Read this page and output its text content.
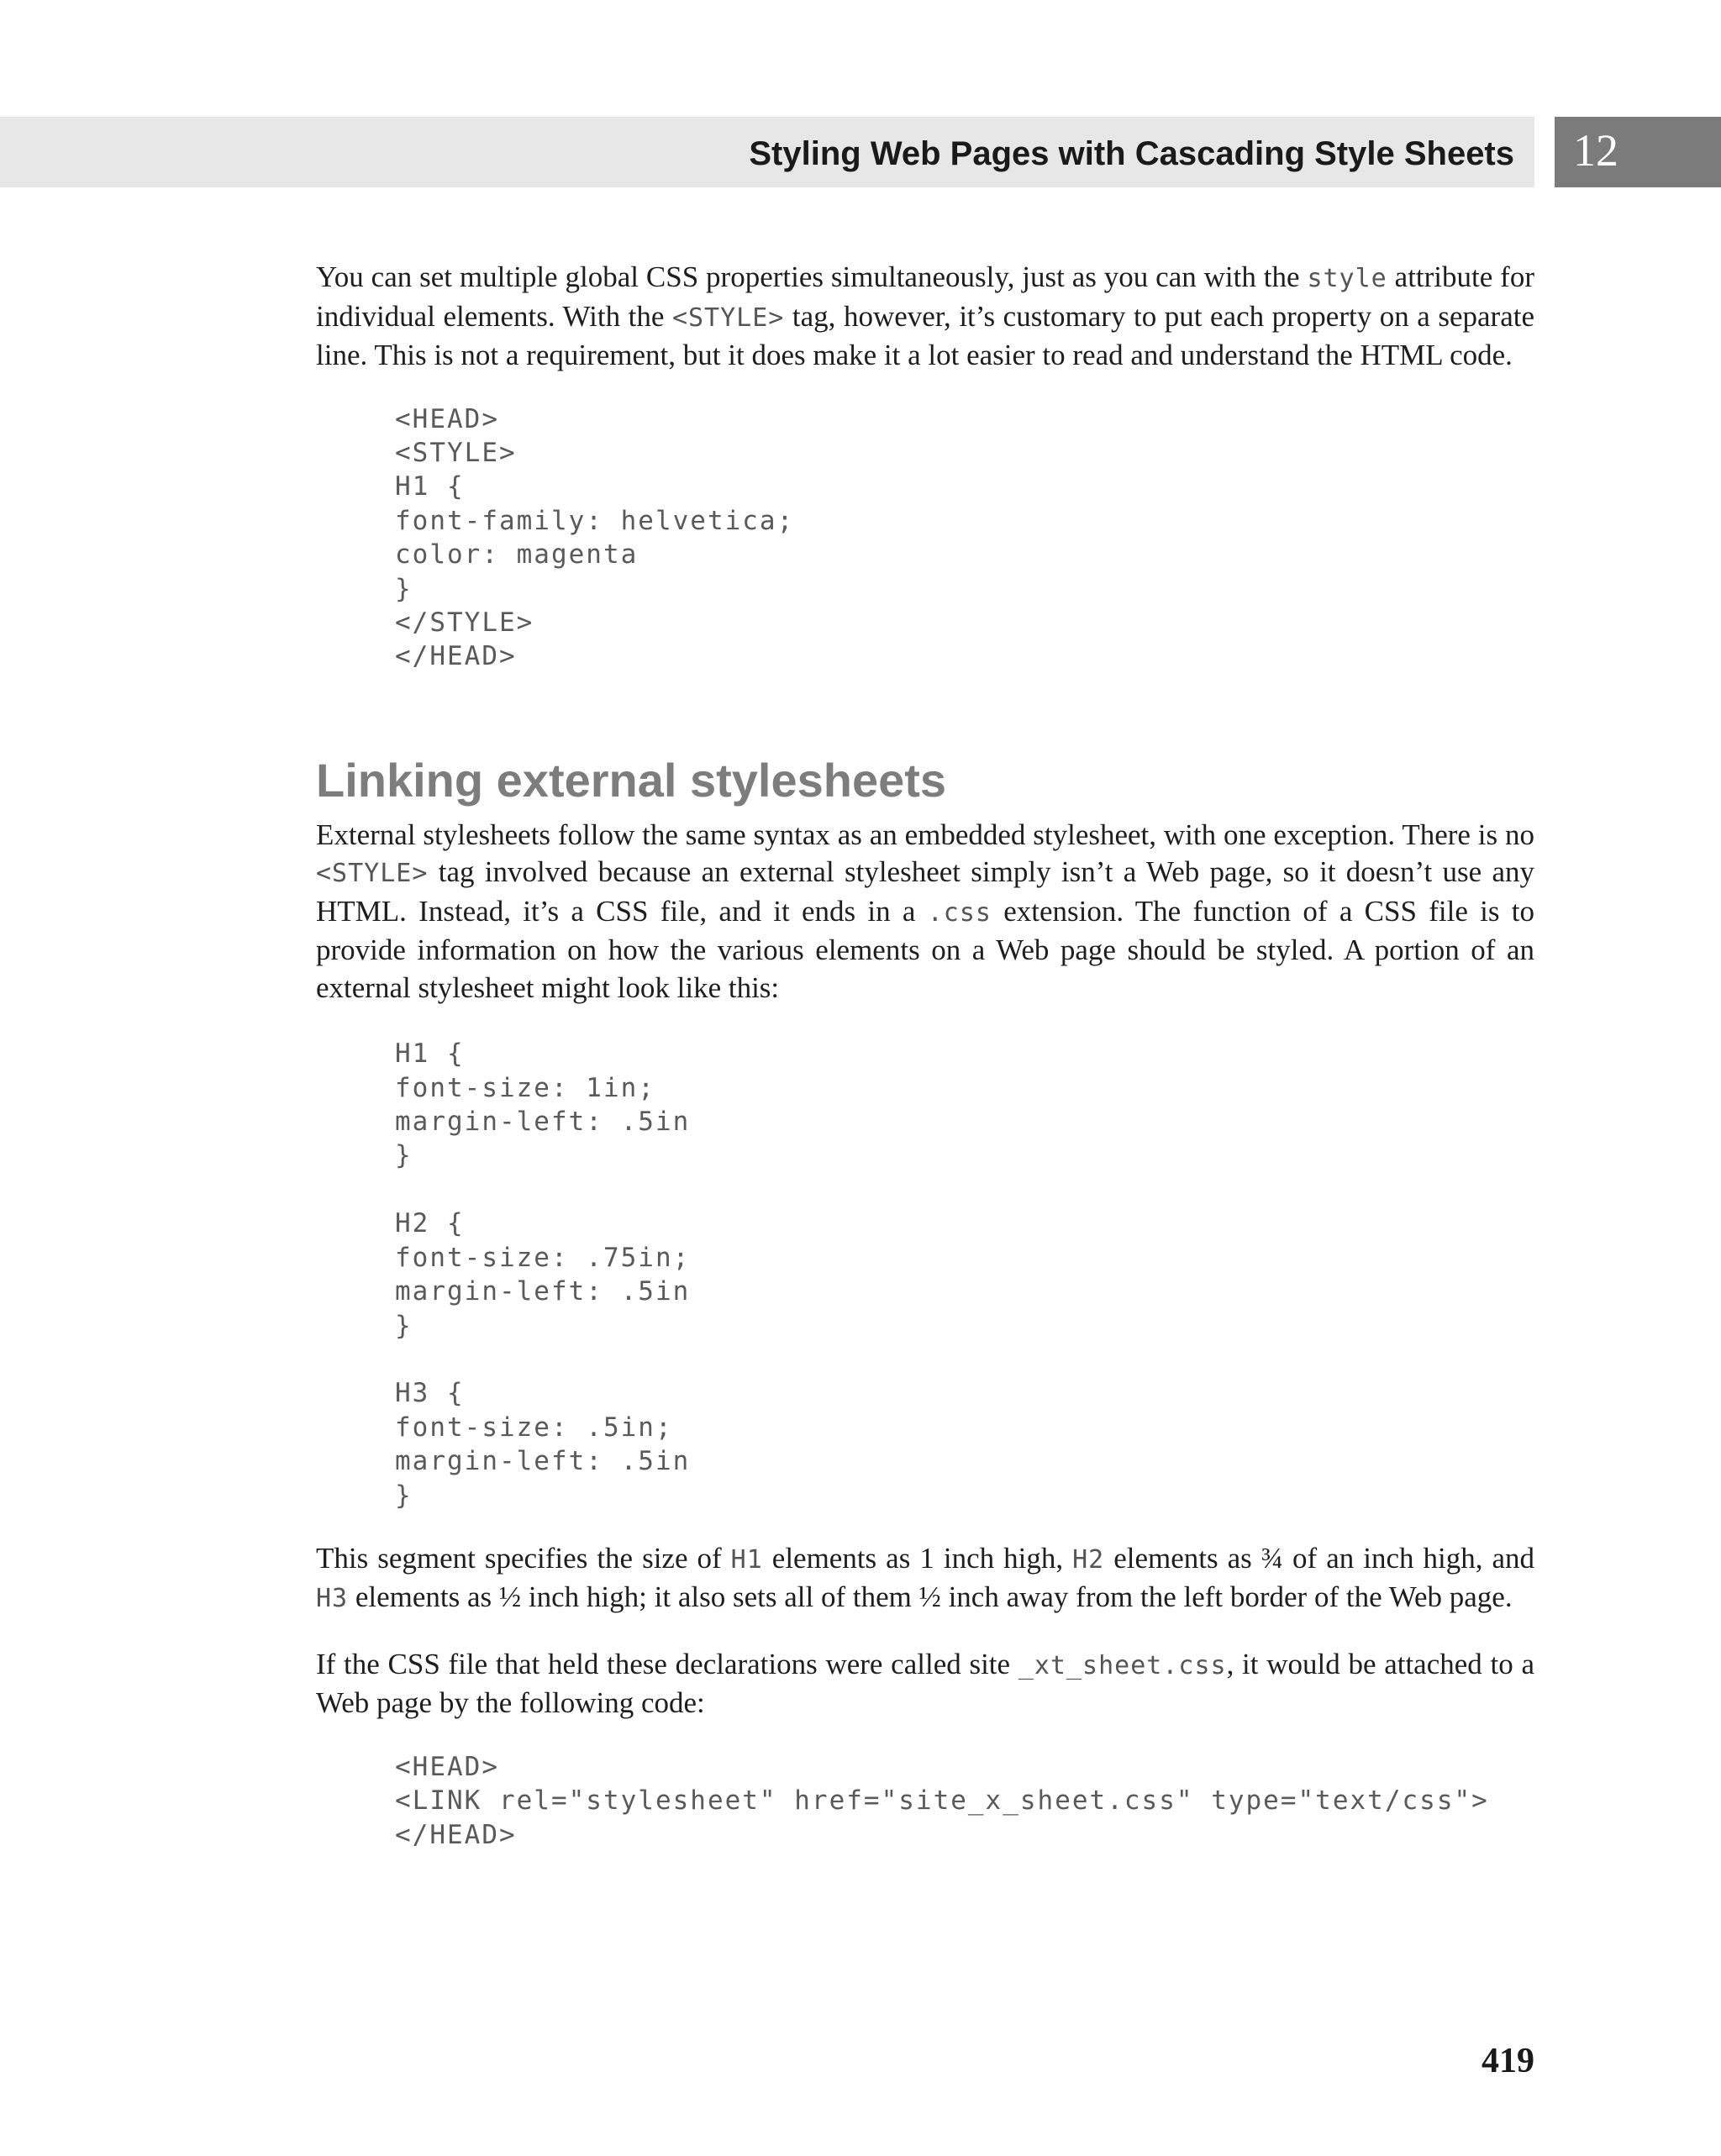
Styling Web Pages with Cascading Style Sheets 12

You can set multiple global CSS properties simultaneously, just as you can with the style attribute for individual elements. With the <STYLE> tag, however, it’s customary to put each property on a separate line. This is not a requirement, but it does make it a lot easier to read and understand the HTML code.

<HEAD>
<STYLE>
H1 {
font-family: helvetica;
color: magenta
}
</STYLE>
</HEAD>
Linking external stylesheets

External stylesheets follow the same syntax as an embedded stylesheet, with one exception. There is no <STYLE> tag involved because an external stylesheet simply isn’t a Web page, so it doesn’t use any HTML. Instead, it’s a CSS file, and it ends in a .css extension. The function of a CSS file is to provide information on how the various elements on a Web page should be styled. A portion of an external stylesheet might look like this:

H1 {
font-size: 1in;
margin-left: .5in
}

H2 {
font-size: .75in;
margin-left: .5in
}

H3 {
font-size: .5in;
margin-left: .5in
}

This segment specifies the size of H1 elements as 1 inch high, H2 elements as ¾ of an inch high, and H3 elements as ½ inch high; it also sets all of them ½ inch away from the left border of the Web page.

If the CSS file that held these declarations were called site _xt_sheet.css, it would be attached to a Web page by the following code:

<HEAD>
<LINK rel="stylesheet" href="site_x_sheet.css" type="text/css">
</HEAD>
419
